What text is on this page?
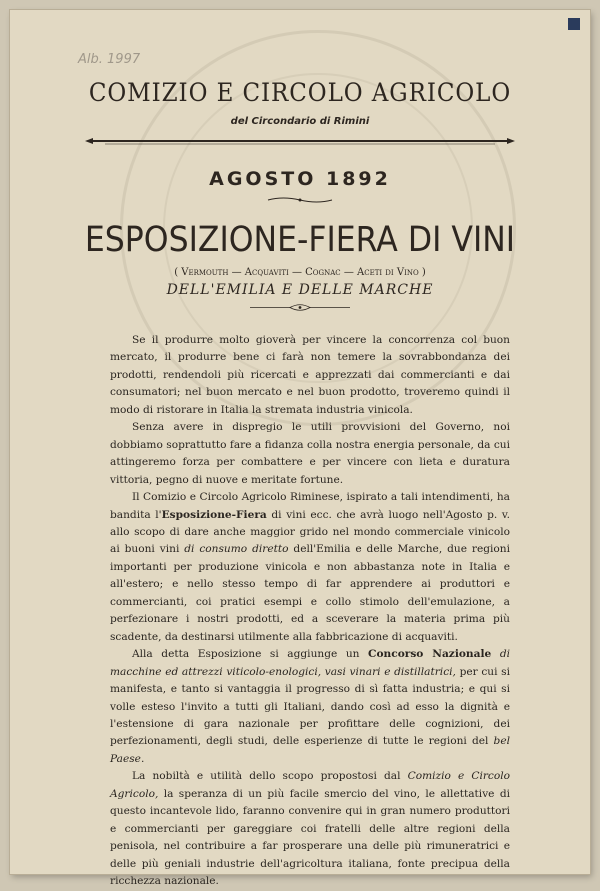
Alb. 1997
COMIZIO E CIRCOLO AGRICOLO
del Circondario di Rimini
AGOSTO 1892
ESPOSIZIONE-FIERA DI VINI
( Vermouth — Acquaviti — Cognac — Aceti di Vino )
DELL'EMILIA E DELLE MARCHE

Se il produrre molto gioverà per vincere la concorrenza col buon mercato, il produrre bene ci farà non temere la sovrabbondanza dei prodotti, rendendoli più ricercati e apprezzati dai commercianti e dai consumatori; nel buon mercato e nel buon prodotto, troveremo quindi il modo di ristorare in Italia la stremata industria vinicola.

Senza avere in dispregio le utili provvisioni del Governo, noi dobbiamo soprattutto fare a fidanza colla nostra energia personale, da cui attingeremo forza per combattere e per vincere con lieta e duratura vittoria, pegno di nuove e meritate fortune.

Il Comizio e Circolo Agricolo Riminese, ispirato a tali intendimenti, ha bandita l'Esposizione-Fiera di vini ecc. che avrà luogo nell'Agosto p. v. allo scopo di dare anche maggior grido nel mondo commerciale vinicolo ai buoni vini di consumo diretto dell'Emilia e delle Marche, due regioni importanti per produzione vinicola e non abbastanza note in Italia e all'estero; e nello stesso tempo di far apprendere ai produttori e commercianti, coi pratici esempi e collo stimolo dell'emulazione, a perfezionare i nostri prodotti, ed a sceverare la materia prima più scadente, da destinarsi utilmente alla fabbricazione di acquaviti.

Alla detta Esposizione si aggiunge un Concorso Nazionale di macchine ed attrezzi viticolo-enologici, vasi vinari e distillatrici, per cui si manifesta, e tanto si vantaggia il progresso di sì fatta industria; e qui si volle esteso l'invito a tutti gli Italiani, dando così ad esso la dignità e l'estensione di gara nazionale per profittare delle cognizioni, dei perfezionamenti, degli studi, delle esperienze di tutte le regioni del bel Paese.

La nobiltà e utilità dello scopo propostosi dal Comizio e Circolo Agricolo, la speranza di un più facile smercio del vino, le allettative di questo incantevole lido, faranno convenire qui in gran numero produttori e commercianti per gareggiare coi fratelli delle altre regioni della penisola, nel contribuire a far prosperare una delle più rimuneratrici e delle più geniali industrie dell'agricoltura italiana, fonte precipua della ricchezza nazionale.
